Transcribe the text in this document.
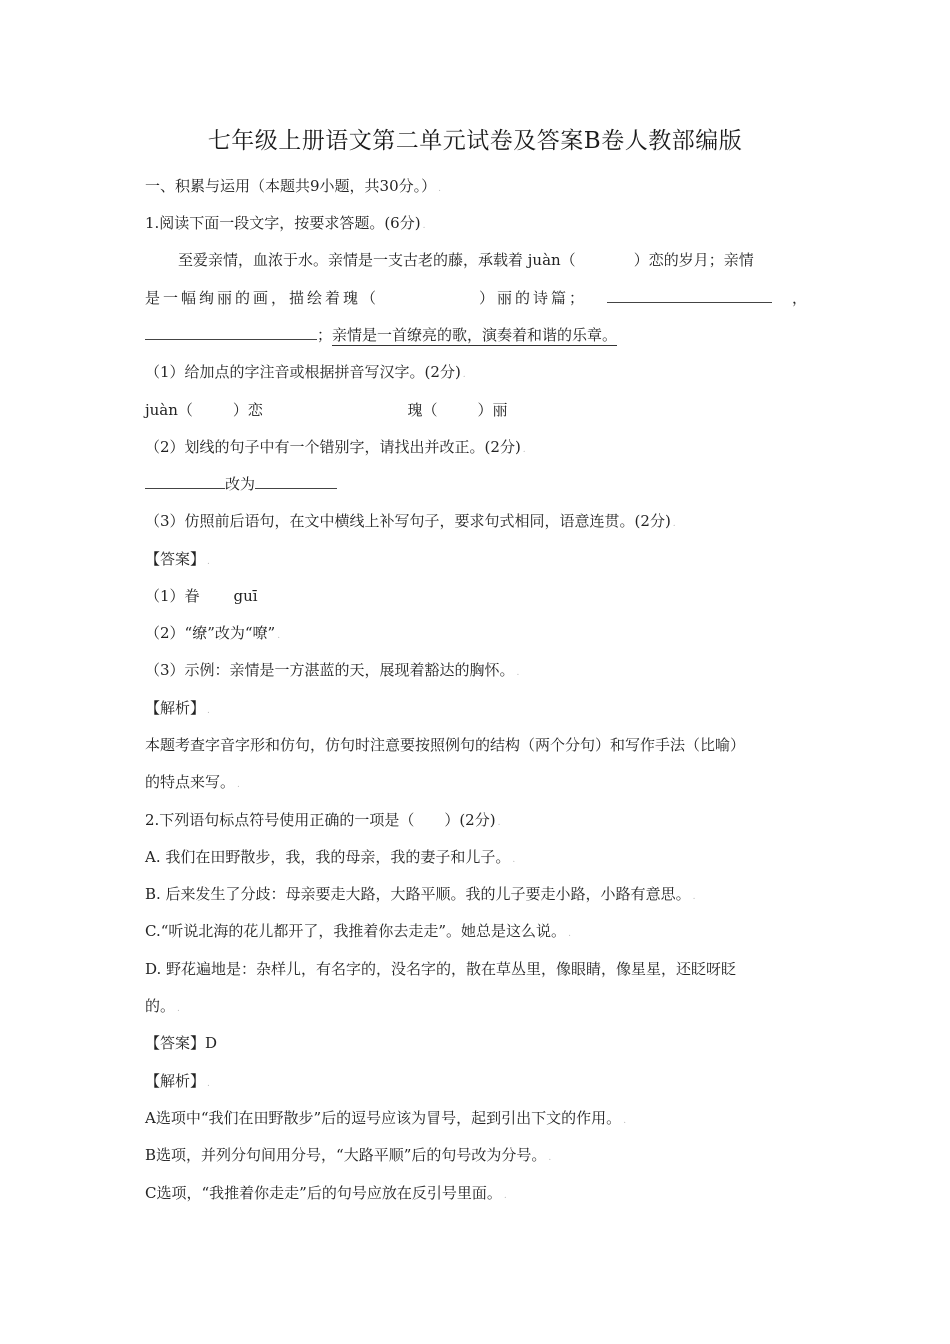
七年级上册语文第二单元试卷及答案B卷人教部编版
一、积累与运用（本题共9小题，共30分。） .
1.阅读下面一段文字，按要求答题。(6分) .
至爱亲情，血浓于水。亲情是一支古老的藤，承载着 juàn（	）恋的岁月；亲情
是一幅绚丽的画，描绘着瑰（	）丽的诗篇；	，
；亲情是一首缭亮的歌，演奏着和谐的乐章。
（1）给加点的字注音或根据拼音写汉字。(2分) .
juàn（	）恋	瑰（	）丽
（2）划线的句子中有一个错别字，请找出并改正。(2分) .
改为
（3）仿照前后语句，在文中横线上补写句子，要求句式相同，语意连贯。(2分) .
【答案】 .
（1）眷 guī
（2）“缭”改为“嘹” .
（3）示例：亲情是一方湛蓝的天，展现着豁达的胸怀。 .
【解析】 .
本题考查字音字形和仿句，仿句时注意要按照例句的结构（两个分句）和写作手法（比喻）
的特点来写。 .
2.下列语句标点符号使用正确的一项是（　　）(2分) .
A. 我们在田野散步，我，我的母亲，我的妻子和儿子。 .
B. 后来发生了分歧：母亲要走大路，大路平顺。我的儿子要走小路，小路有意思。 .
C.“听说北海的花儿都开了，我推着你去走走”。她总是这么说。 .
D. 野花遍地是：杂样儿，有名字的，没名字的，散在草丛里，像眼睛，像星星，还眨呀眨
的。 .
【答案】D
【解析】 .
A选项中“我们在田野散步”后的逗号应该为冒号，起到引出下文的作用。 .
B选项，并列分句间用分号，“大路平顺”后的句号改为分号。 .
C选项，“我推着你走走”后的句号应放在反引号里面。 .
